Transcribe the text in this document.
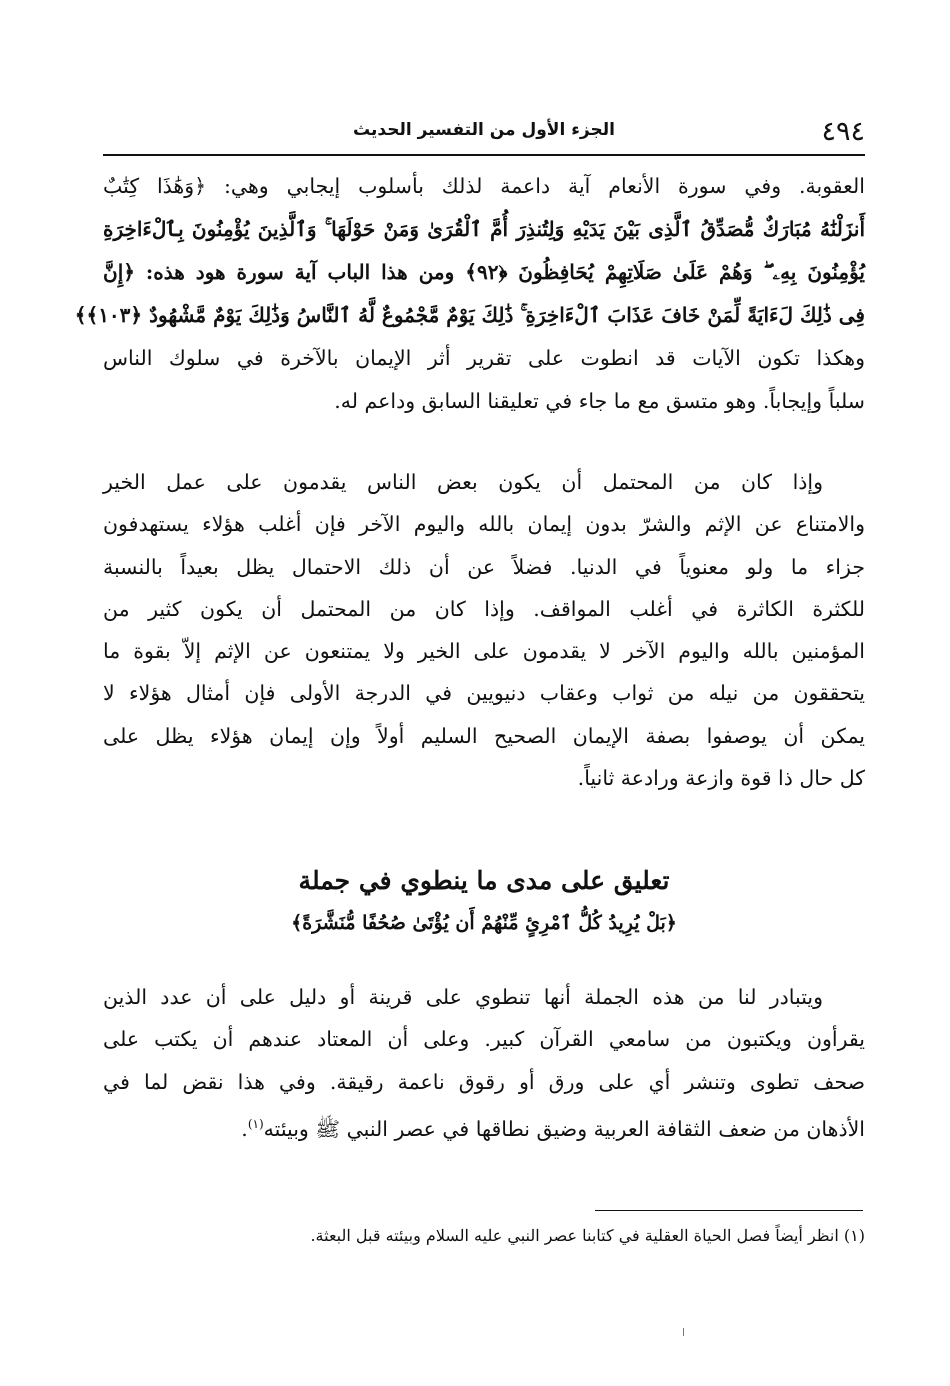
٤٩٤
الجزء الأول من التفسير الحديث
العقوبة. وفي سورة الأنعام آية داعمة لذلك بأسلوب إيجابي وهي: ﴿وَهَٰذَا كِتَٰبٌ
أَنزَلْنَٰهُ مُبَارَكٌ مُّصَدِّقُ ٱلَّذِى بَيْنَ يَدَيْهِ وَلِتُنذِرَ أُمَّ ٱلْقُرَىٰ وَمَنْ حَوْلَهَا ۚ وَٱلَّذِينَ يُؤْمِنُونَ بِٱلْءَاخِرَةِ
يُؤْمِنُونَ بِهِۦ ۖ وَهُمْ عَلَىٰ صَلَاتِهِمْ يُحَافِظُونَ ﴿٩٢﴾ ومن هذا الباب آية سورة هود هذه: ﴿إِنَّ
فِى ذَٰلِكَ لَءَايَةً لِّمَنْ خَافَ عَذَابَ ٱلْءَاخِرَةِ ۚ ذَٰلِكَ يَوْمٌ مَّجْمُوعٌ لَّهُ ٱلنَّاسُ وَذَٰلِكَ يَوْمٌ مَّشْهُودٌ ﴿١٠٣﴾﴾
وهكذا تكون الآيات قد انطوت على تقرير أثر الإيمان بالآخرة في سلوك الناس
سلباً وإيجاباً. وهو متسق مع ما جاء في تعليقنا السابق وداعم له.
وإذا كان من المحتمل أن يكون بعض الناس يقدمون على عمل الخير
والامتناع عن الإثم والشرّ بدون إيمان بالله واليوم الآخر فإن أغلب هؤلاء يستهدفون
جزاء ما ولو معنوياً في الدنيا. فضلاً عن أن ذلك الاحتمال يظل بعيداً بالنسبة
للكثرة الكاثرة في أغلب المواقف. وإذا كان من المحتمل أن يكون كثير من
المؤمنين بالله واليوم الآخر لا يقدمون على الخير ولا يمتنعون عن الإثم إلاّ بقوة ما
يتحققون من نيله من ثواب وعقاب دنيويين في الدرجة الأولى فإن أمثال هؤلاء لا
يمكن أن يوصفوا بصفة الإيمان الصحيح السليم أولاً وإن إيمان هؤلاء يظل على
كل حال ذا قوة وازعة ورادعة ثانياً.
تعليق على مدى ما ينطوي في جملة
﴿بَلْ يُرِيدُ كُلُّ ٱمْرِئٍ مِّنْهُمْ أَن يُؤْتَىٰ صُحُفًا مُّنَشَّرَةً﴾
ويتبادر لنا من هذه الجملة أنها تنطوي على قرينة أو دليل على أن عدد الذين
يقرأون ويكتبون من سامعي القرآن كبير. وعلى أن المعتاد عندهم أن يكتب على
صحف تطوى وتنشر أي على ورق أو رقوق ناعمة رقيقة. وفي هذا نقض لما في
الأذهان من ضعف الثقافة العربية وضيق نطاقها في عصر النبي ﷺ وبيئته$^{(١)}$.
(١) انظر أيضاً فصل الحياة العقلية في كتابنا عصر النبي عليه السلام وبيئته قبل البعثة.
